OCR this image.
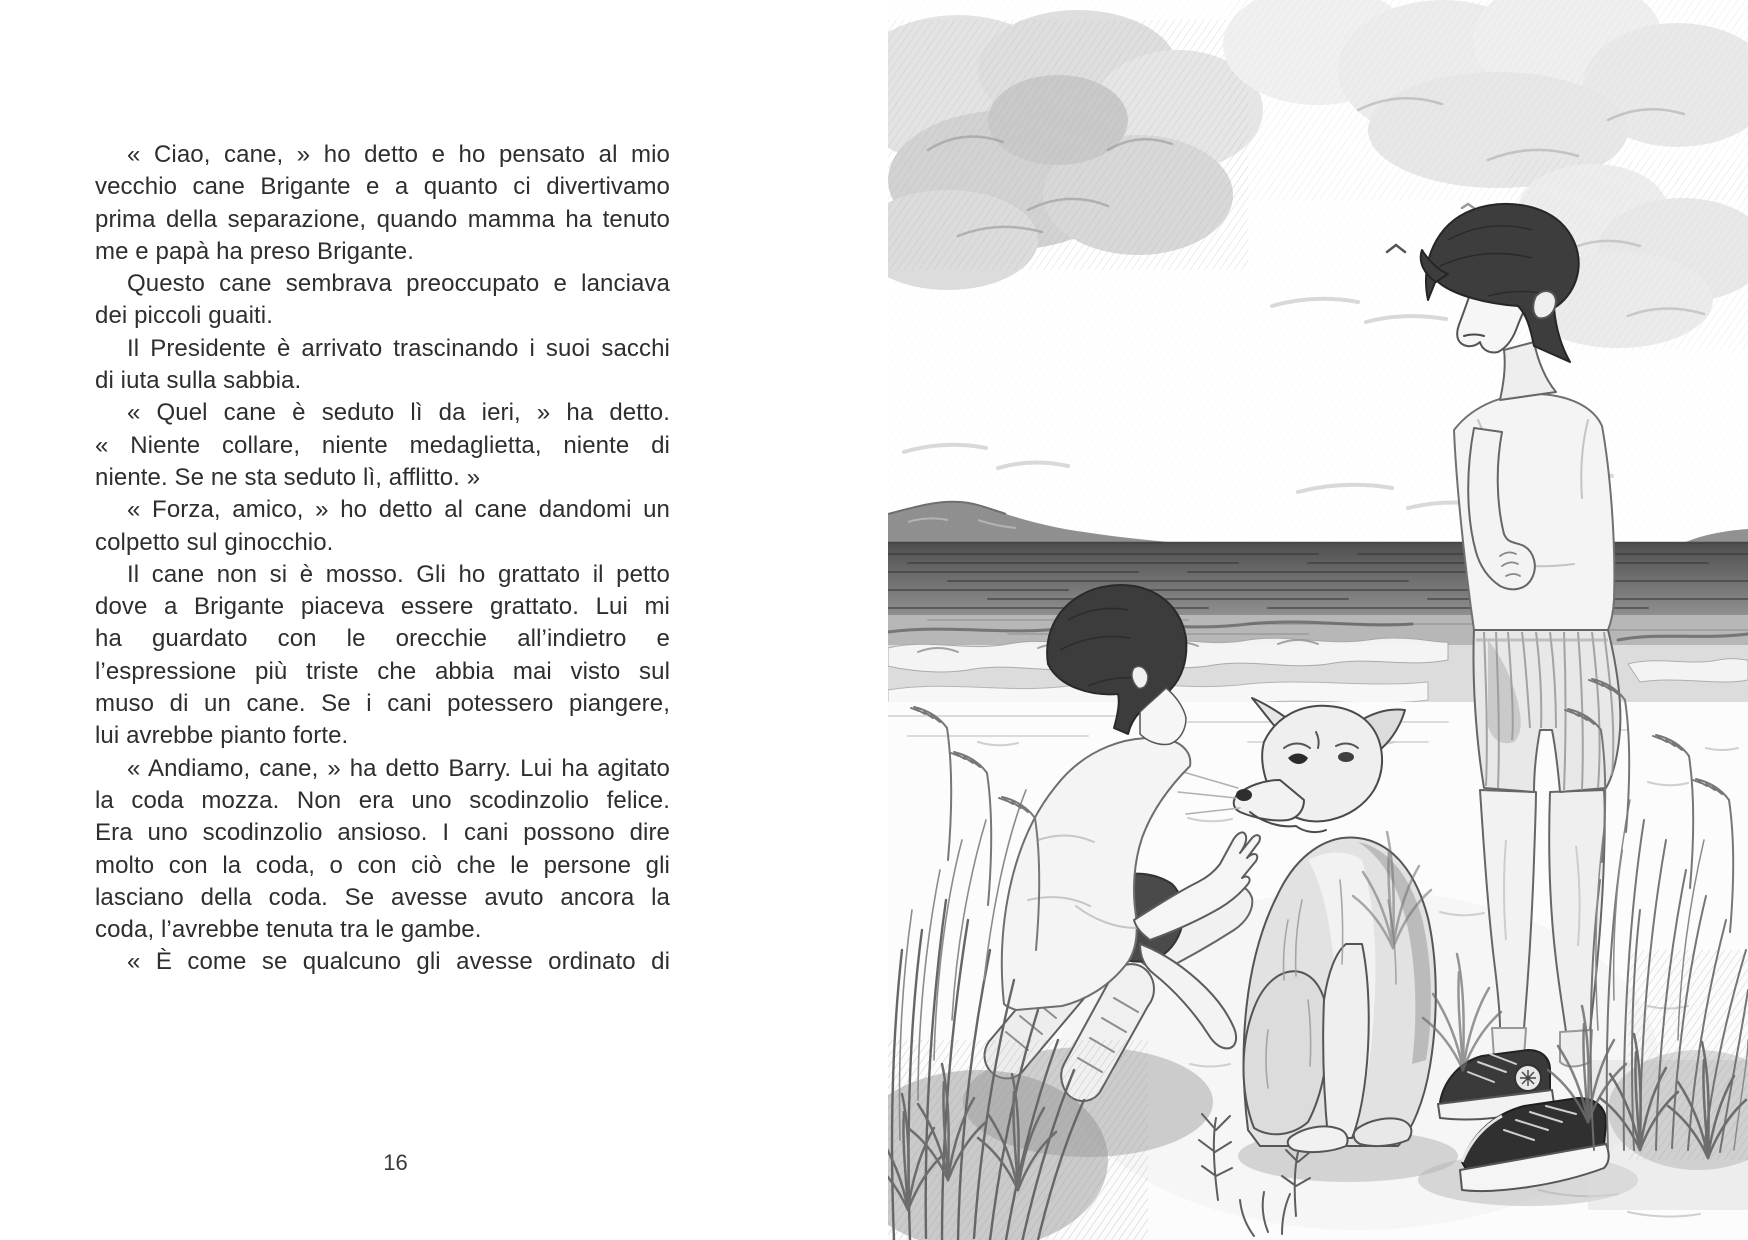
« Ciao, cane, » ho detto e ho pensato al mio
vecchio cane Brigante e a quanto ci divertivamo
prima della separazione, quando mamma ha tenuto
me e papà ha preso Brigante.
Questo cane sembrava preoccupato e lanciava
dei piccoli guaiti.
Il Presidente è arrivato trascinando i suoi sacchi
di iuta sulla sabbia.
« Quel cane è seduto lì da ieri, » ha detto.
« Niente collare, niente medaglietta, niente di
niente. Se ne sta seduto lì, afflitto. »
« Forza, amico, » ho detto al cane dandomi un
colpetto sul ginocchio.
Il cane non si è mosso. Gli ho grattato il petto
dove a Brigante piaceva essere grattato. Lui mi
ha guardato con le orecchie all’indietro e
l’espressione più triste che abbia mai visto sul
muso di un cane. Se i cani potessero piangere,
lui avrebbe pianto forte.
« Andiamo, cane, » ha detto Barry. Lui ha agitato
la coda mozza. Non era uno scodinzolio felice.
Era uno scodinzolio ansioso. I cani possono dire
molto con la coda, o con ciò che le persone gli
lasciano della coda. Se avesse avuto ancora la
coda, l’avrebbe tenuta tra le gambe.
« È come se qualcuno gli avesse ordinato di
16
